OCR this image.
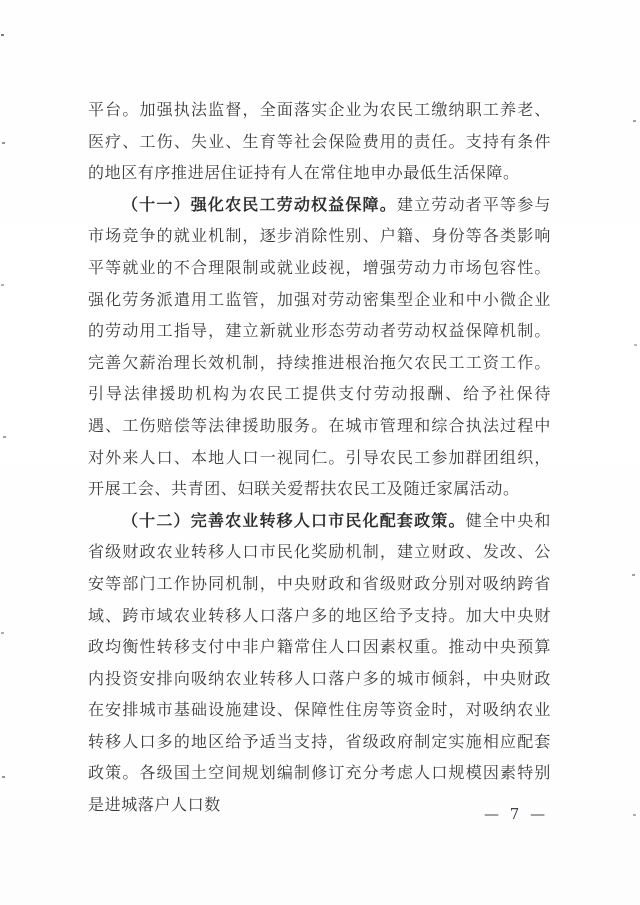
平台。加强执法监督，全面落实企业为农民工缴纳职工养老、医疗、工伤、失业、生育等社会保险费用的责任。支持有条件的地区有序推进居住证持有人在常住地申办最低生活保障。

（十一）强化农民工劳动权益保障。建立劳动者平等参与市场竞争的就业机制，逐步消除性别、户籍、身份等各类影响平等就业的不合理限制或就业歧视，增强劳动力市场包容性。强化劳务派遣用工监管，加强对劳动密集型企业和中小微企业的劳动用工指导，建立新就业形态劳动者劳动权益保障机制。完善欠薪治理长效机制，持续推进根治拖欠农民工工资工作。引导法律援助机构为农民工提供支付劳动报酬、给予社保待遇、工伤赔偿等法律援助服务。在城市管理和综合执法过程中对外来人口、本地人口一视同仁。引导农民工参加群团组织，开展工会、共青团、妇联关爱帮扶农民工及随迁家属活动。

（十二）完善农业转移人口市民化配套政策。健全中央和省级财政农业转移人口市民化奖励机制，建立财政、发改、公安等部门工作协同机制，中央财政和省级财政分别对吸纳跨省域、跨市域农业转移人口落户多的地区给予支持。加大中央财政均衡性转移支付中非户籍常住人口因素权重。推动中央预算内投资安排向吸纳农业转移人口落户多的城市倾斜，中央财政在安排城市基础设施建设、保障性住房等资金时，对吸纳农业转移人口多的地区给予适当支持，省级政府制定实施相应配套政策。各级国土空间规划编制修订充分考虑人口规模因素特别是进城落户人口数	— 7 —
